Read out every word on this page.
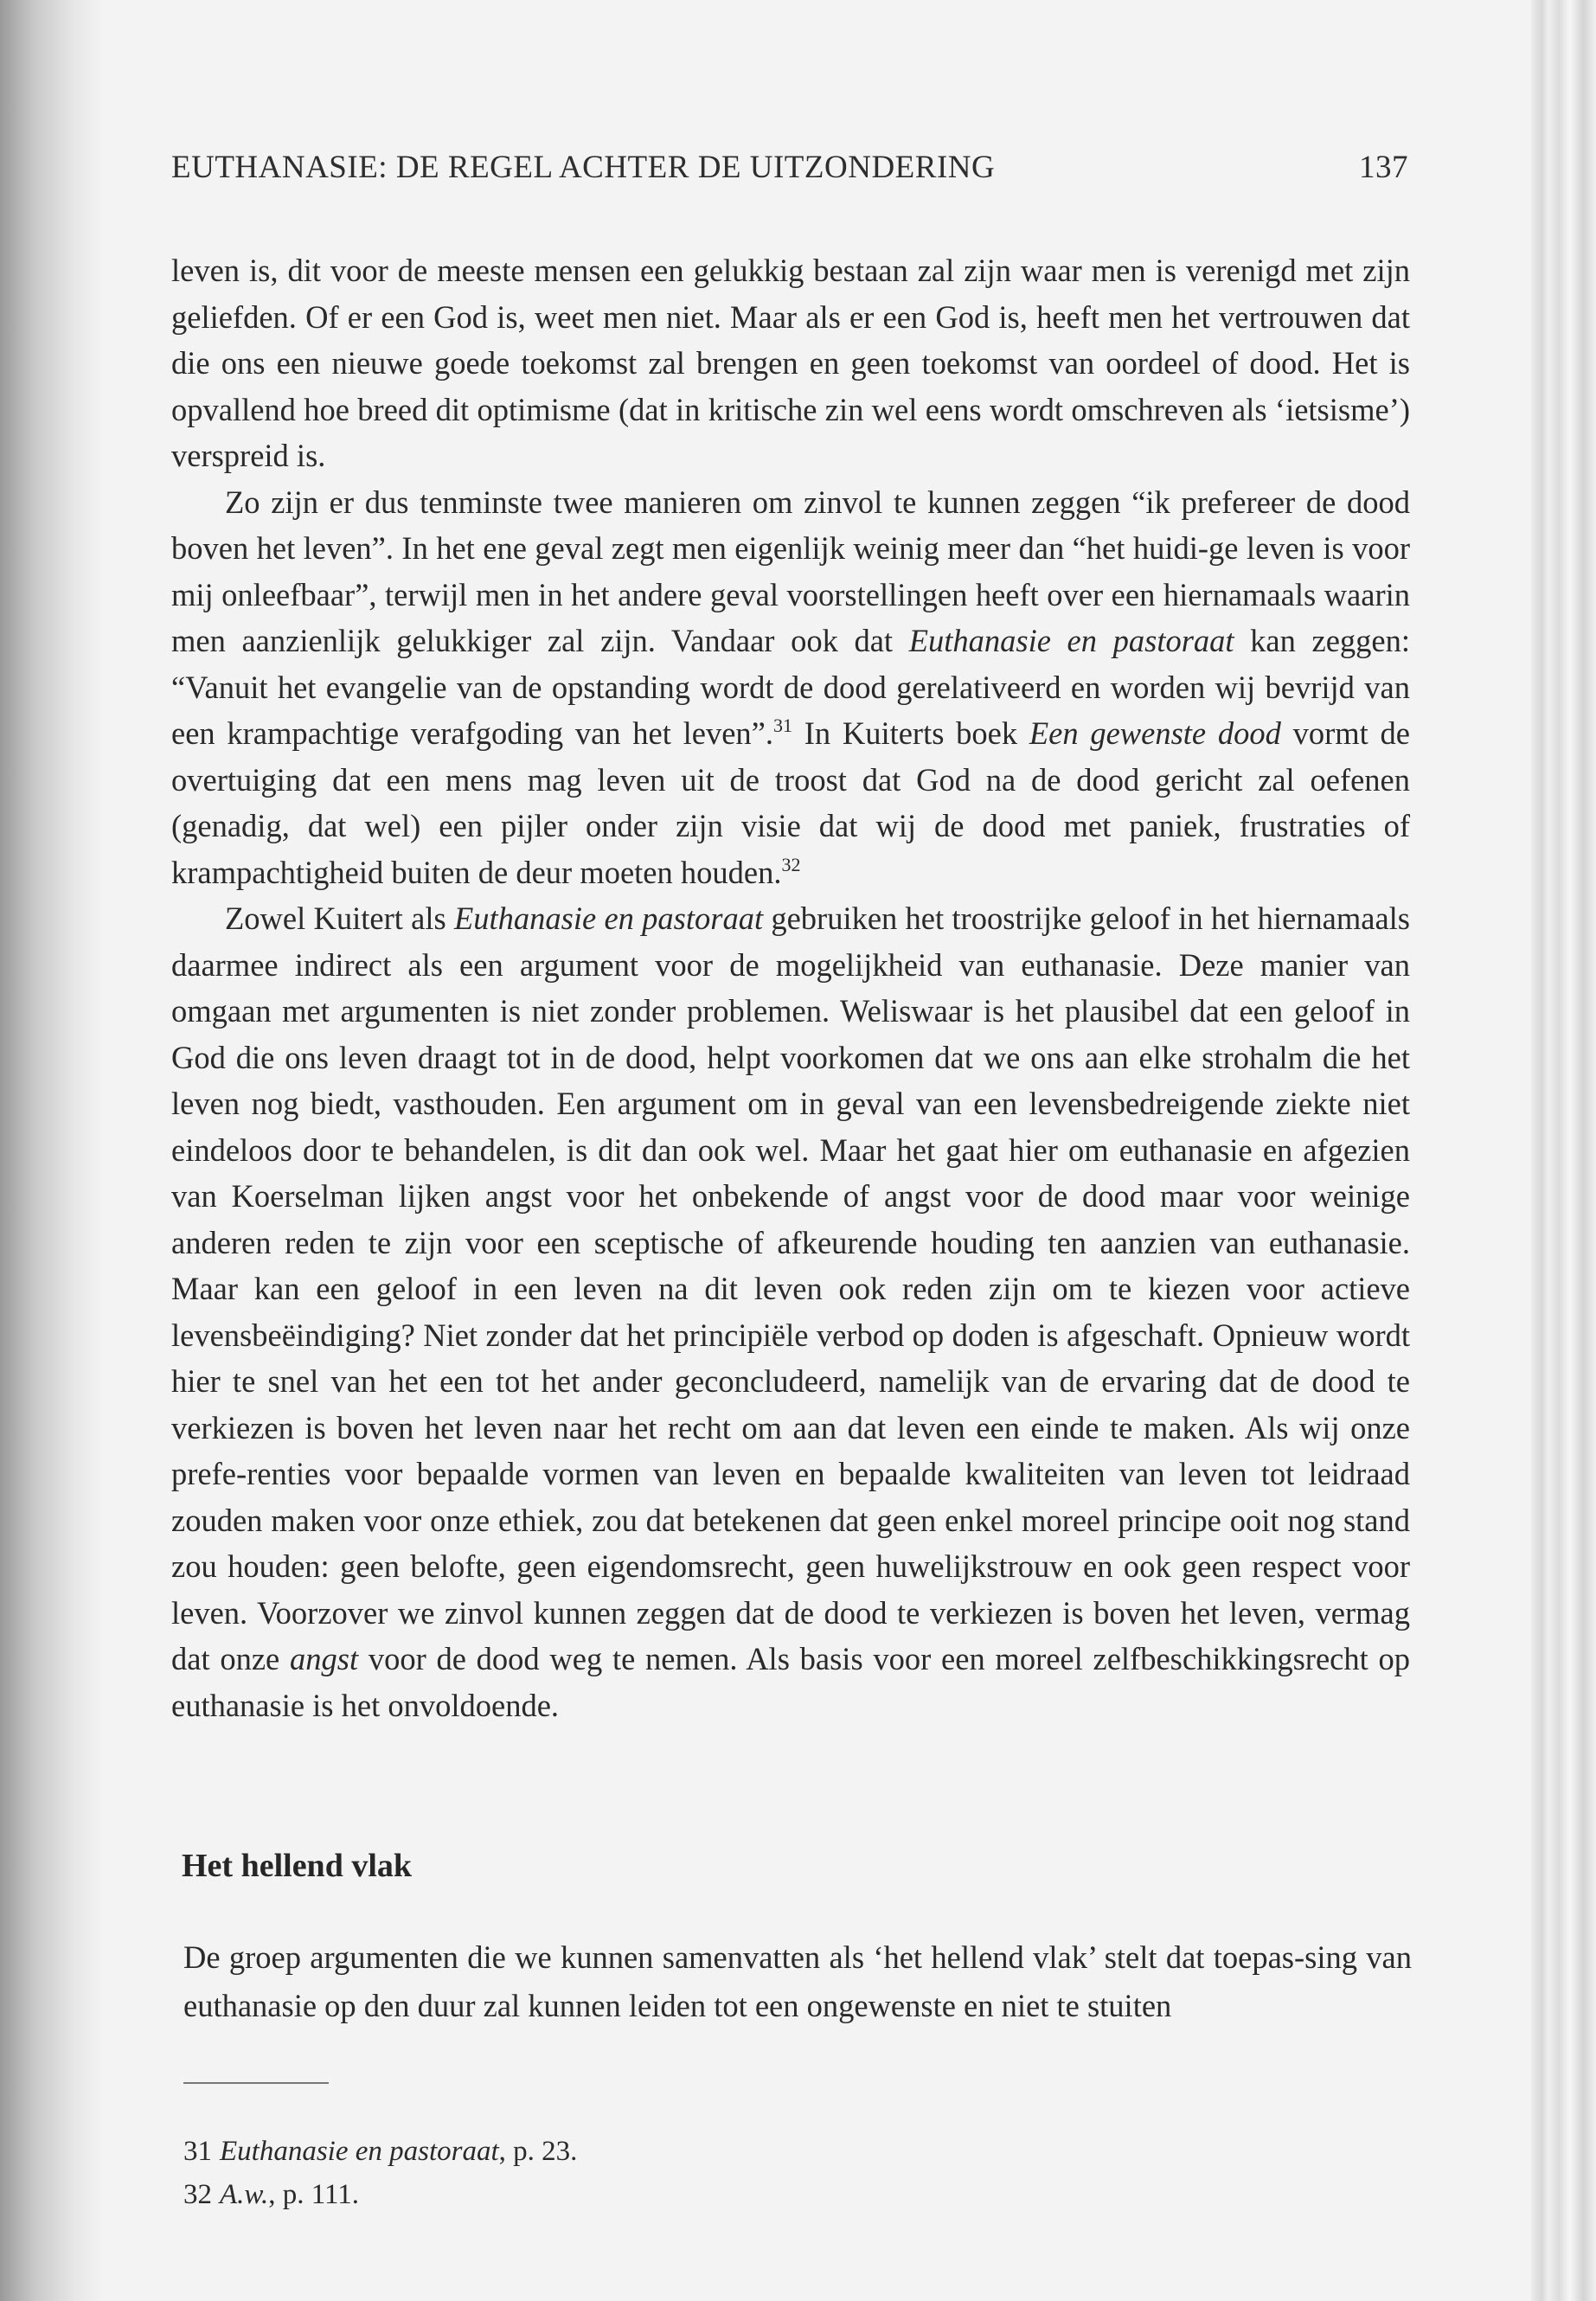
EUTHANASIE: DE REGEL ACHTER DE UITZONDERING	137

leven is, dit voor de meeste mensen een gelukkig bestaan zal zijn waar men is verenigd met zijn geliefden. Of er een God is, weet men niet. Maar als er een God is, heeft men het vertrouwen dat die ons een nieuwe goede toekomst zal brengen en geen toekomst van oordeel of dood. Het is opvallend hoe breed dit optimisme (dat in kritische zin wel eens wordt omschreven als ‘ietsisme’) verspreid is.

Zo zijn er dus tenminste twee manieren om zinvol te kunnen zeggen “ik prefereer de dood boven het leven”. In het ene geval zegt men eigenlijk weinig meer dan “het huidi-ge leven is voor mij onleefbaar”, terwijl men in het andere geval voorstellingen heeft over een hiernamaals waarin men aanzienlijk gelukkiger zal zijn. Vandaar ook dat Euthanasie en pastoraat kan zeggen: “Vanuit het evangelie van de opstanding wordt de dood gerelativeerd en worden wij bevrijd van een krampachtige verafgoding van het leven”.$^{31}$ In Kuiterts boek Een gewenste dood vormt de overtuiging dat een mens mag leven uit de troost dat God na de dood gericht zal oefenen (genadig, dat wel) een pijler onder zijn visie dat wij de dood met paniek, frustraties of krampachtigheid buiten de deur moeten houden.$^{32}$

Zowel Kuitert als Euthanasie en pastoraat gebruiken het troostrijke geloof in het hiernamaals daarmee indirect als een argument voor de mogelijkheid van euthanasie. Deze manier van omgaan met argumenten is niet zonder problemen. Weliswaar is het plausibel dat een geloof in God die ons leven draagt tot in de dood, helpt voorkomen dat we ons aan elke strohalm die het leven nog biedt, vasthouden. Een argument om in geval van een levensbedreigende ziekte niet eindeloos door te behandelen, is dit dan ook wel. Maar het gaat hier om euthanasie en afgezien van Koerselman lijken angst voor het onbekende of angst voor de dood maar voor weinige anderen reden te zijn voor een sceptische of afkeurende houding ten aanzien van euthanasie. Maar kan een geloof in een leven na dit leven ook reden zijn om te kiezen voor actieve levensbeëindiging? Niet zonder dat het principiële verbod op doden is afgeschaft. Opnieuw wordt hier te snel van het een tot het ander geconcludeerd, namelijk van de ervaring dat de dood te verkiezen is boven het leven naar het recht om aan dat leven een einde te maken. Als wij onze prefe-renties voor bepaalde vormen van leven en bepaalde kwaliteiten van leven tot leidraad zouden maken voor onze ethiek, zou dat betekenen dat geen enkel moreel principe ooit nog stand zou houden: geen belofte, geen eigendomsrecht, geen huwelijkstrouw en ook geen respect voor leven. Voorzover we zinvol kunnen zeggen dat de dood te verkiezen is boven het leven, vermag dat onze angst voor de dood weg te nemen. Als basis voor een moreel zelfbeschikkingsrecht op euthanasie is het onvoldoende.

Het hellend vlak

De groep argumenten die we kunnen samenvatten als ‘het hellend vlak’ stelt dat toepas-sing van euthanasie op den duur zal kunnen leiden tot een ongewenste en niet te stuiten

31 Euthanasie en pastoraat, p. 23.
32 A.w., p. 111.
